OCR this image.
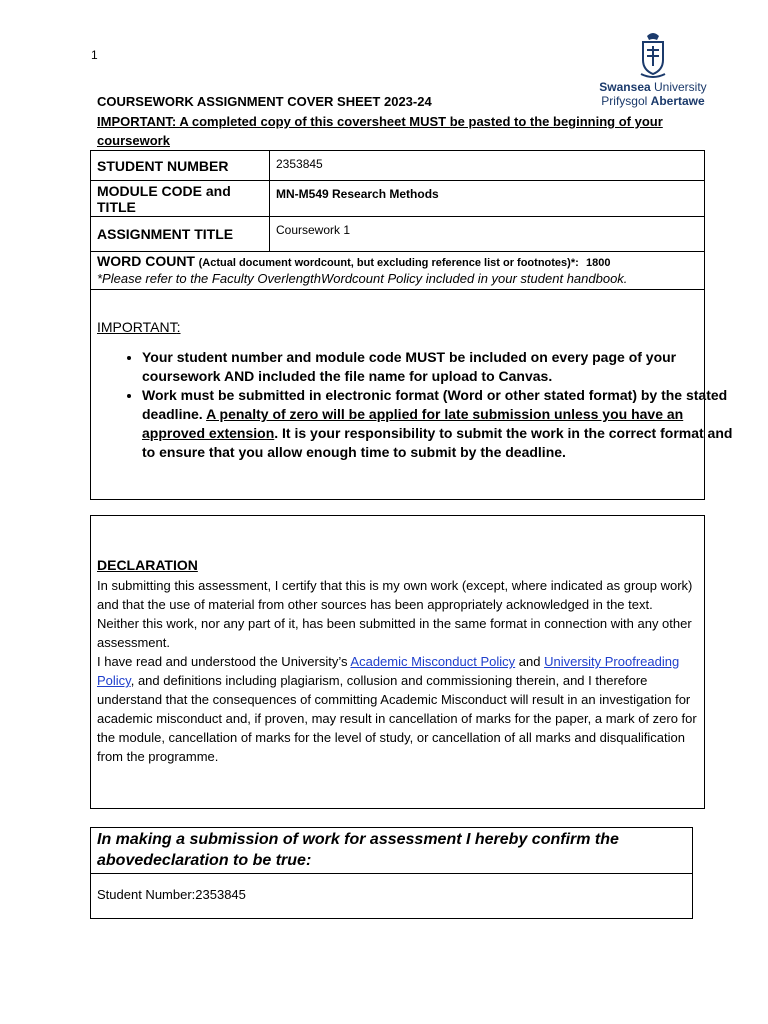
1
Swansea University
Prifysgol Abertawe
COURSEWORK ASSIGNMENT COVER SHEET 2023-24
IMPORTANT: A completed copy of this coversheet MUST be pasted to the beginning of your coursework
STUDENT NUMBER	2353845
MODULE CODE and TITLE	MN-M549 Research Methods
ASSIGNMENT TITLE	Coursework 1
WORD COUNT (Actual document wordcount, but excluding reference list or footnotes)*: 1800
*Please refer to the Faculty OverlengthWordcount Policy included in your student handbook.
IMPORTANT:
• Your student number and module code MUST be included on every page of your coursework AND included the file name for upload to Canvas.
• Work must be submitted in electronic format (Word or other stated format) by the stated deadline. A penalty of zero will be applied for late submission unless you have an approved extension. It is your responsibility to submit the work in the correct format and to ensure that you allow enough time to submit by the deadline.
DECLARATION
In submitting this assessment, I certify that this is my own work (except, where indicated as group work) and that the use of material from other sources has been appropriately acknowledged in the text. Neither this work, nor any part of it, has been submitted in the same format in connection with any other assessment.
I have read and understood the University’s Academic Misconduct Policy and University Proofreading Policy, and definitions including plagiarism, collusion and commissioning therein, and I therefore understand that the consequences of committing Academic Misconduct will result in an investigation for academic misconduct and, if proven, may result in cancellation of marks for the paper, a mark of zero for the module, cancellation of marks for the level of study, or cancellation of all marks and disqualification from the programme.
In making a submission of work for assessment I hereby confirm the abovedeclaration to be true:
Student Number:2353845
